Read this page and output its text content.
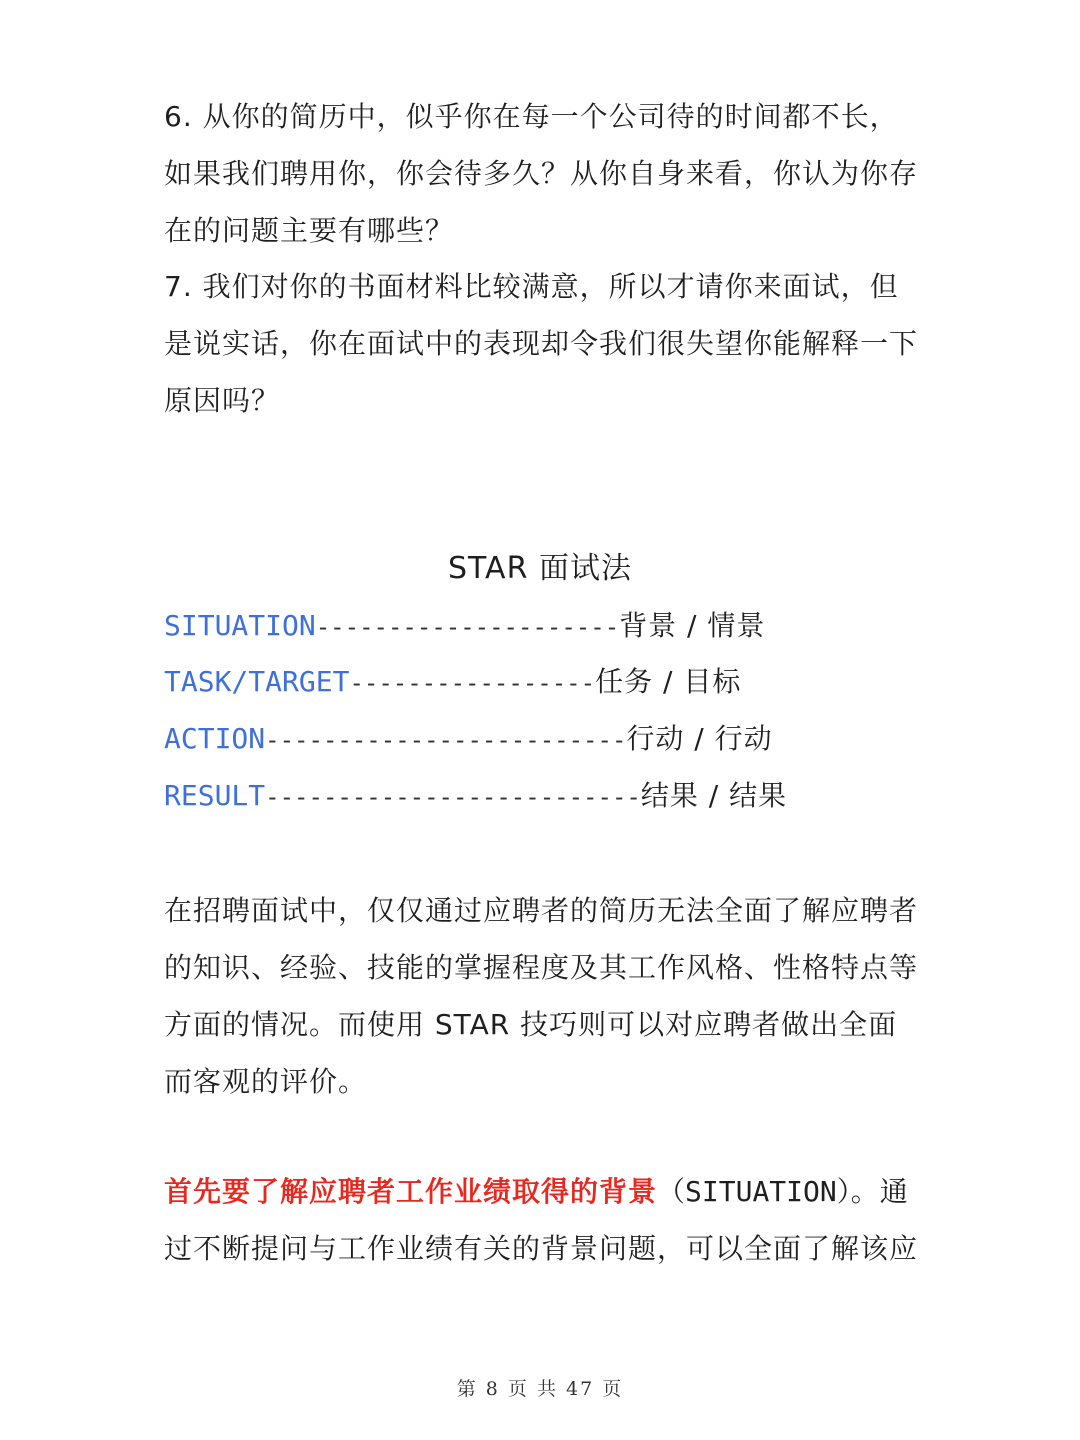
6. 从你的简历中，似乎你在每一个公司待的时间都不长，如果我们聘用你，你会待多久？从你自身来看，你认为你存在的问题主要有哪些？

7. 我们对你的书面材料比较满意，所以才请你来面试，但是说实话，你在面试中的表现却令我们很失望你能解释一下原因吗？

STAR 面试法
SITUATION---------------------背景 / 情景
TASK/TARGET-----------------任务 / 目标
ACTION-------------------------行动 / 行动
RESULT--------------------------结果 / 结果

在招聘面试中，仅仅通过应聘者的简历无法全面了解应聘者的知识、经验、技能的掌握程度及其工作风格、性格特点等方面的情况。而使用 STAR 技巧则可以对应聘者做出全面而客观的评价。

首先要了解应聘者工作业绩取得的背景（SITUATION）。通过不断提问与工作业绩有关的背景问题，可以全面了解该应

第 8 页 共 47 页
